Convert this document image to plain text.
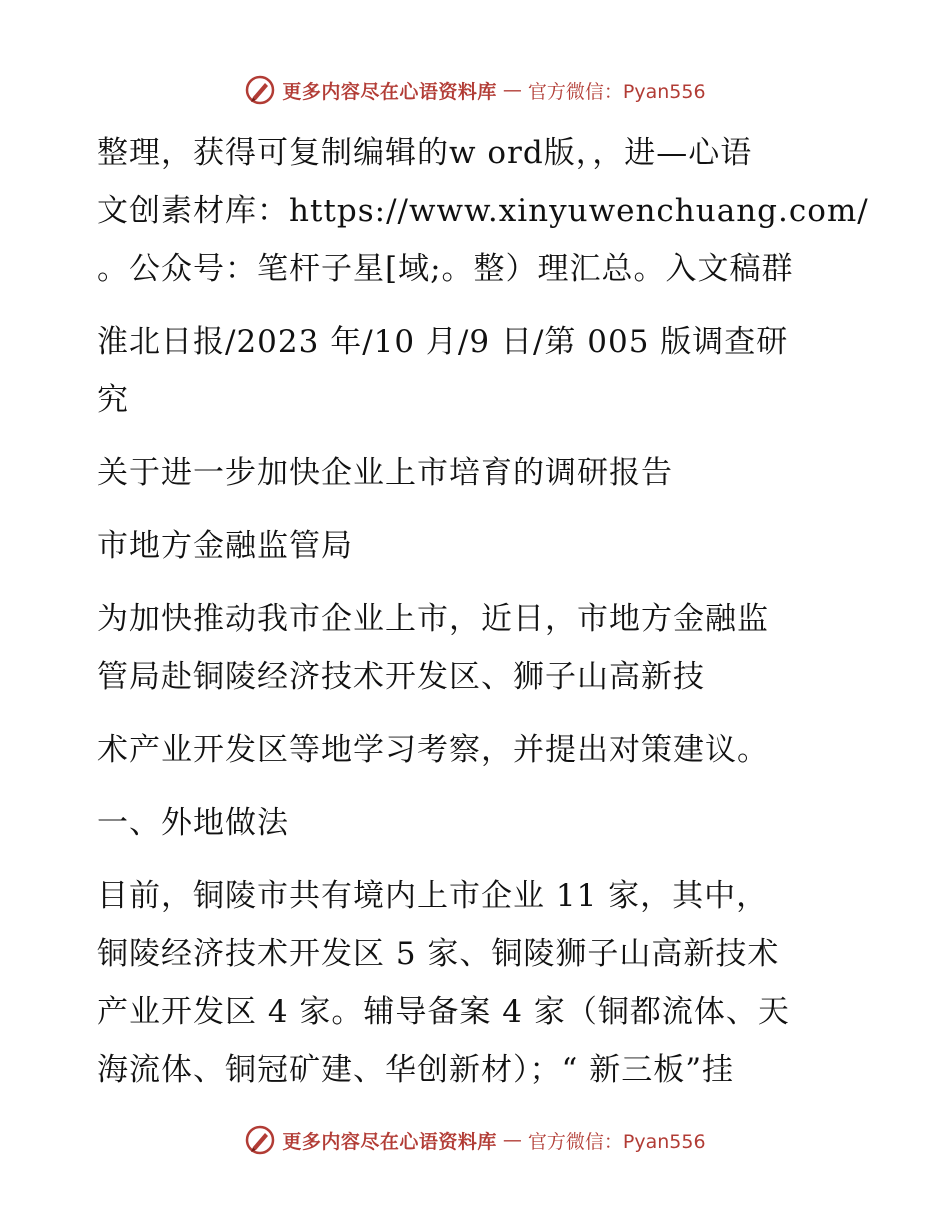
更多内容尽在心语资料库 — 官方微信：Pyan556

整理，获得可复制编辑的w ord版，，进—心语
文创素材库：https://www.xinyuwenchuang.com/
。公众号：笔杆子星[域;。整）理汇总。入文稿群

淮北日报/2023 年/10 月/9 日/第 005 版调查研
究

关于进一步加快企业上市培育的调研报告

市地方金融监管局

为加快推动我市企业上市，近日，市地方金融监
管局赴铜陵经济技术开发区、狮子山高新技

术产业开发区等地学习考察，并提出对策建议。

一、外地做法

目前，铜陵市共有境内上市企业 11 家，其中，
铜陵经济技术开发区 5 家、铜陵狮子山高新技术
产业开发区 4 家。辅导备案 4 家（铜都流体、天
海流体、铜冠矿建、华创新材）；“ 新三板”挂

更多内容尽在心语资料库 — 官方微信：Pyan556
